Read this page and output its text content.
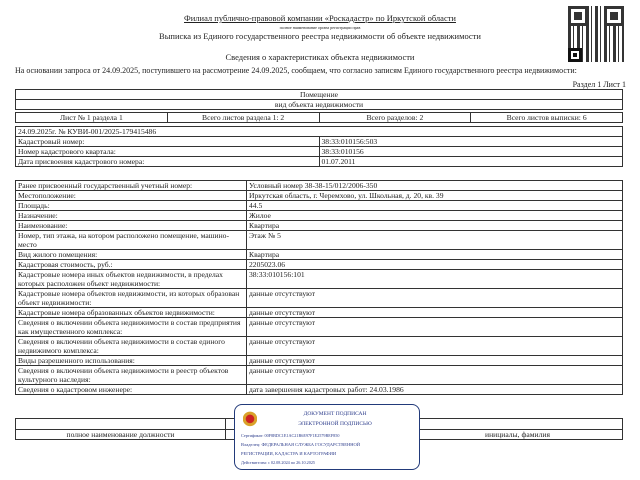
Филиал публично-правовой компании «Роскадастр» по Иркутской области
полное наименование органа регистрации прав
Выписка из Единого государственного реестра недвижимости об объекте недвижимости
Сведения о характеристиках объекта недвижимости
На основании запроса от 24.09.2025, поступившего на рассмотрение 24.09.2025, сообщаем, что согласно записям Единого государственного реестра недвижимости:
Раздел 1 Лист 1
Помещение
вид объекта недвижимости
Лист № 1 раздела 1	Всего листов раздела 1: 2	Всего разделов: 2	Всего листов выписки: 6
24.09.2025г. № КУВИ-001/2025-179415486	
Кадастровый номер:	38:33:010156:503
Номер кадастрового квартала:	38:33:010156
Дата присвоения кадастрового номера:	01.07.2011
Ранее присвоенный государственный учетный номер:	Условный номер 38-38-15/012/2006-350
Местоположение:	Иркутская область, г. Черемхово, ул. Школьная, д. 20, кв. 39
Площадь:	44.5
Назначение:	Жилое
Наименование:	Квартира
Номер, тип этажа, на котором расположено помещение, машино-место	Этаж № 5
Вид жилого помещения:	Квартира
Кадастровая стоимость, руб.:	2205023.06
Кадастровые номера иных объектов недвижимости, в пределах которых расположен объект недвижимости:	38:33:010156:101
Кадастровые номера объектов недвижимости, из которых образован объект недвижимости:	данные отсутствуют
Кадастровые номера образованных объектов недвижимости:	данные отсутствуют
Сведения о включении объекта недвижимости в состав предприятия как имущественного комплекса:	данные отсутствуют
Сведения о включении объекта недвижимости в состав единого недвижимого комплекса:	данные отсутствуют
Виды разрешенного использования:	данные отсутствуют
Сведения о включении объекта недвижимости в реестр объектов культурного наследия:	данные отсутствуют
Сведения о кадастровом инженере:	дата завершения кадастровых работ: 24.03.1986

полное наименование должности		инициалы, фамилия
ДОКУМЕНТ ПОДПИСАН
ЭЛЕКТРОННОЙ ПОДПИСЬЮ
Сертификат: 00F8BDC1E1AC21B6E97F1E2579BEF850
Владелец: ФЕДЕРАЛЬНАЯ СЛУЖБА ГОСУДАРСТВЕННОЙ
РЕГИСТРАЦИИ, КАДАСТРА И КАРТОГРАФИИ
Действителен: с 02.08.2024 по 26.10.2025
